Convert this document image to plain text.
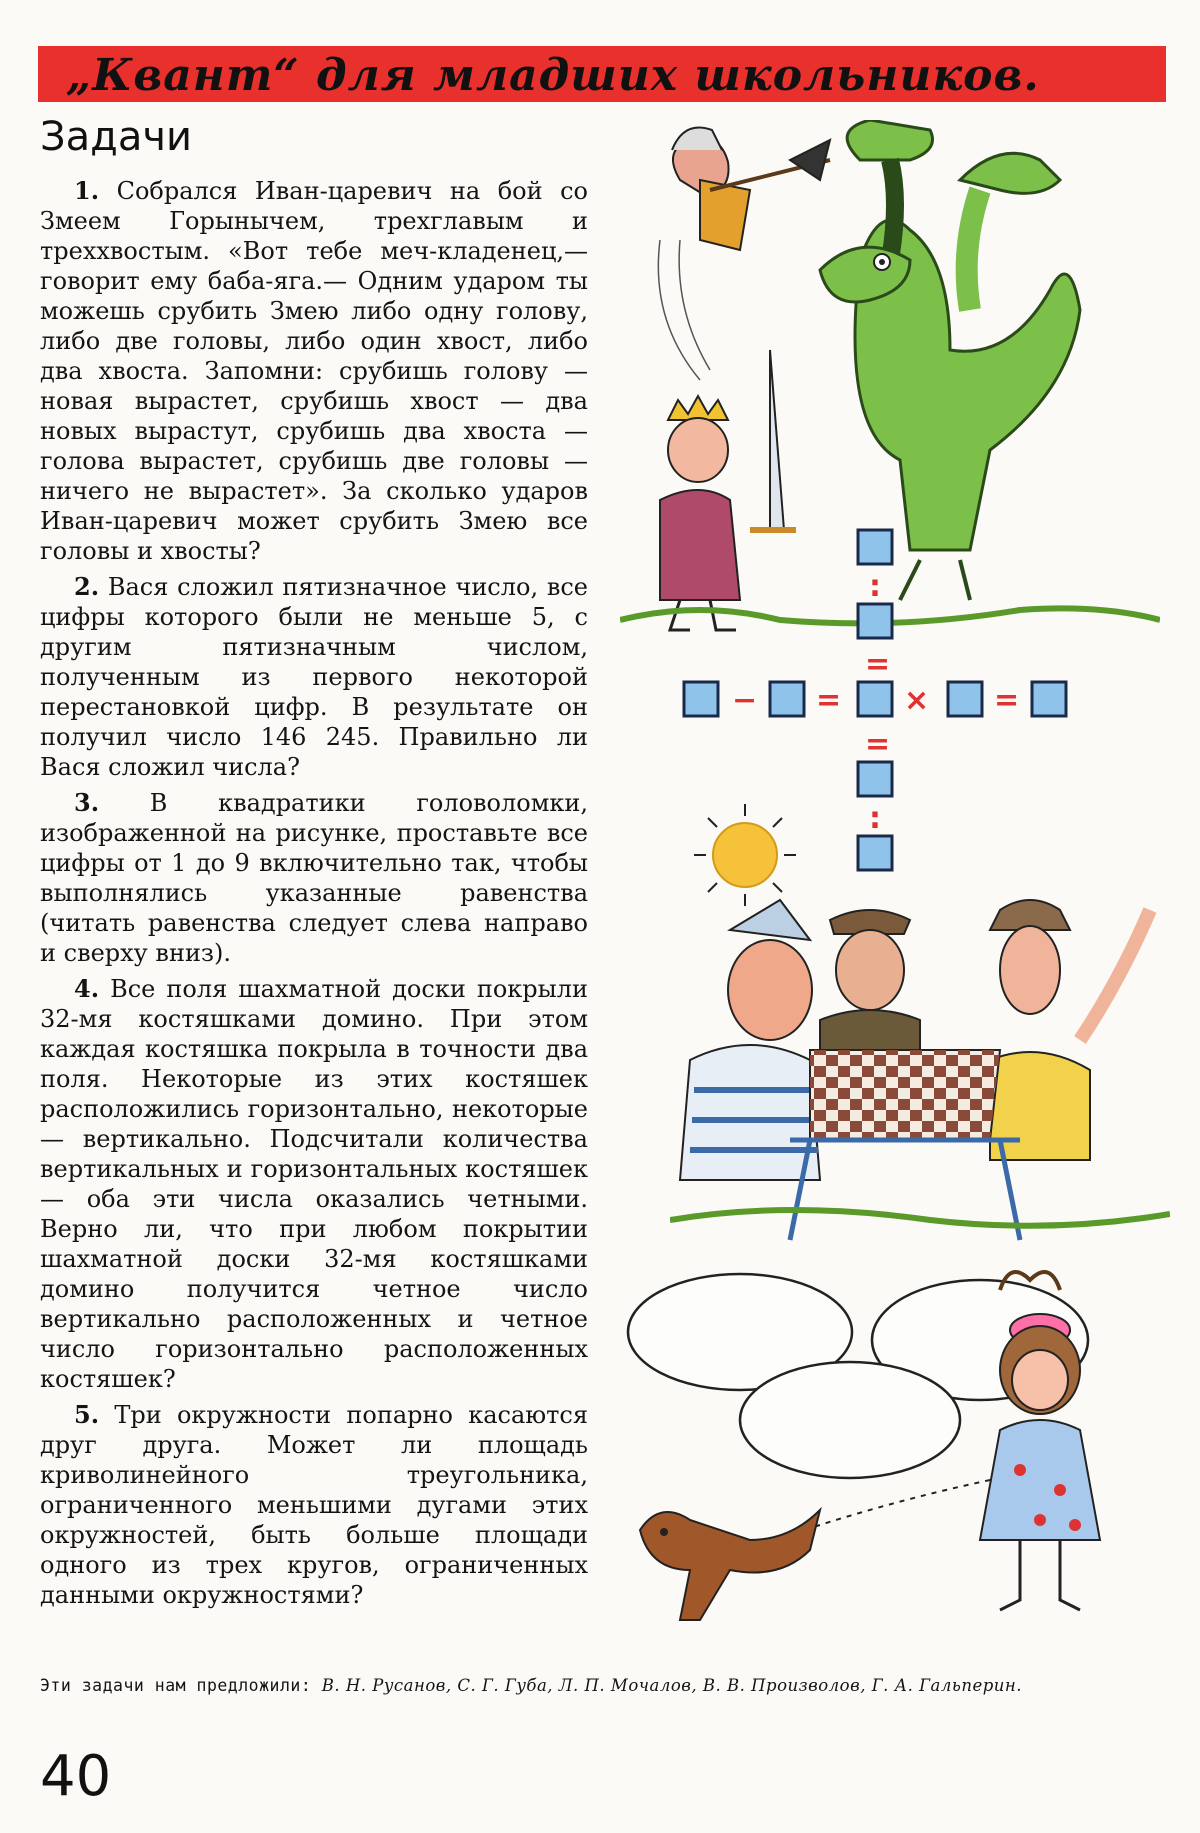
„Квант“ для младших школьников.
Задачи

1. Собрался Иван-царевич на бой со Змеем Горынычем, трехглавым и треххвостым. «Вот тебе меч-кладенец,— говорит ему баба-яга.— Одним ударом ты можешь срубить Змею либо одну голову, либо две головы, либо один хвост, либо два хвоста. Запомни: срубишь голову — новая вырастет, срубишь хвост — два новых вырастут, срубишь два хвоста — голова вырастет, срубишь две головы — ничего не вырастет». За сколько ударов Иван-царевич может срубить Змею все головы и хвосты?

2. Вася сложил пятизначное число, все цифры которого были не меньше 5, с другим пятизначным числом, полученным из первого некоторой перестановкой цифр. В результате он получил число 146 245. Правильно ли Вася сложил числа?

3. В квадратики головоломки, изображенной на рисунке, проставьте все цифры от 1 до 9 включительно так, чтобы выполнялись указанные равенства (читать равенства следует слева направо и сверху вниз).

4. Все поля шахматной доски покрыли 32-мя костяшками домино. При этом каждая костяшка покрыла в точности два поля. Некоторые из этих костяшек расположились горизонтально, некоторые — вертикально. Подсчитали количества вертикальных и горизонтальных костяшек — оба эти числа оказались четными. Верно ли, что при любом покрытии шахматной доски 32-мя костяшками домино получится четное число вертикально расположенных и четное число горизонтально расположенных костяшек?

5. Три окружности попарно касаются друг друга. Может ли площадь криволинейного треугольника, ограниченного меньшими дугами этих окружностей, быть больше площади одного из трех кругов, ограниченных данными окружностями?

− = × =
:
=
=
:
Эти задачи нам предложили: В. Н. Русанов, С. Г. Губа, Л. П. Мочалов, В. В. Произволов, Г. А. Гальперин.
40
